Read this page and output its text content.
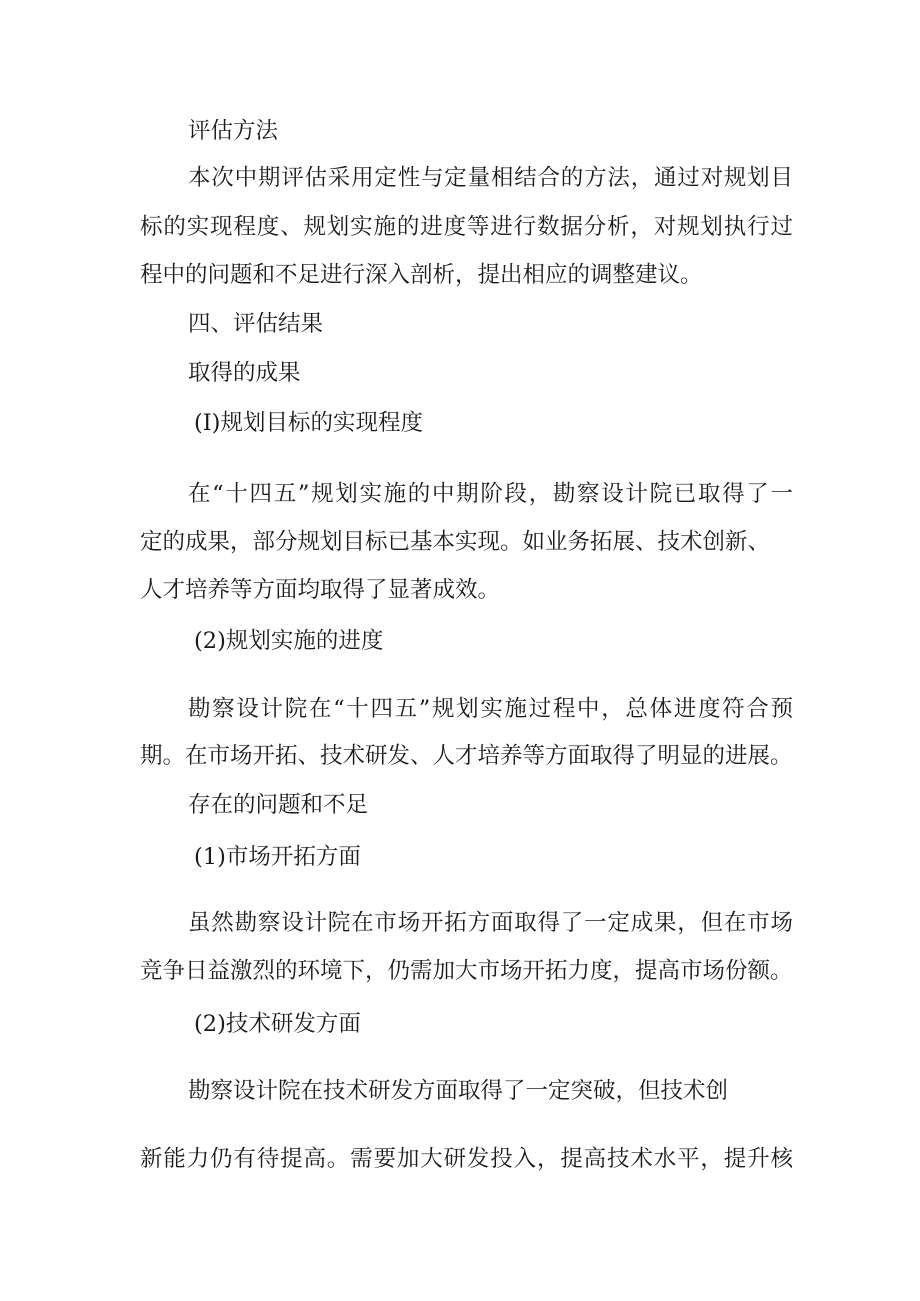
评估方法

本次中期评估采用定性与定量相结合的方法，通过对规划目

标的实现程度、规划实施的进度等进行数据分析，对规划执行过

程中的问题和不足进行深入剖析，提出相应的调整建议。

四、评估结果

取得的成果

(I)规划目标的实现程度

在“十四五”规划实施的中期阶段，勘察设计院已取得了一

定的成果，部分规划目标已基本实现。如业务拓展、技术创新、

人才培养等方面均取得了显著成效。

(2)规划实施的进度

勘察设计院在“十四五”规划实施过程中，总体进度符合预

期。在市场开拓、技术研发、人才培养等方面取得了明显的进展。

存在的问题和不足

(1)市场开拓方面

虽然勘察设计院在市场开拓方面取得了一定成果，但在市场

竞争日益激烈的环境下，仍需加大市场开拓力度，提高市场份额。

(2)技术研发方面

勘察设计院在技术研发方面取得了一定突破，但技术创

新能力仍有待提高。需要加大研发投入，提高技术水平，提升核
